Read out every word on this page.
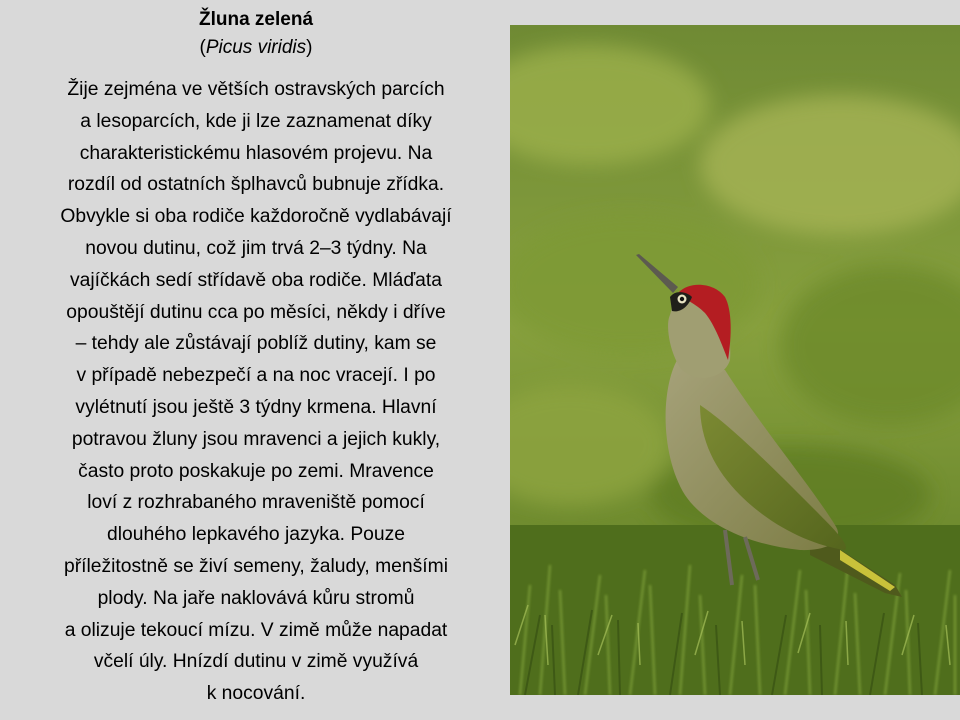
Žluna zelená
(Picus viridis)
Žije zejména ve větších ostravských parcích
a lesoparcích, kde ji lze zaznamenat díky
charakteristickému hlasovém projevu. Na
rozdíl od ostatních šplhavců bubnuje zřídka.
Obvykle si oba rodiče každoročně vydlabávají
novou dutinu, což jim trvá 2–3 týdny. Na
vajíčkách sedí střídavě oba rodiče. Mláďata
opouštějí dutinu cca po měsíci, někdy i dříve
– tehdy ale zůstávají poblíž dutiny, kam se
v případě nebezpečí a na noc vracejí. I po
vylétnutí jsou ještě 3 týdny krmena. Hlavní
potravou žluny jsou mravenci a jejich kukly,
často proto poskakuje po zemi. Mravence
loví z rozhrabaného mraveniště pomocí
dlouhého lepkavého jazyka. Pouze
příležitostně se živí semeny, žaludy, menšími
plody. Na jaře naklovává kůru stromů
a olizuje tekoucí mízu. V zimě může napadat
včelí úly. Hnízdí dutinu v zimě využívá
k nocování.
